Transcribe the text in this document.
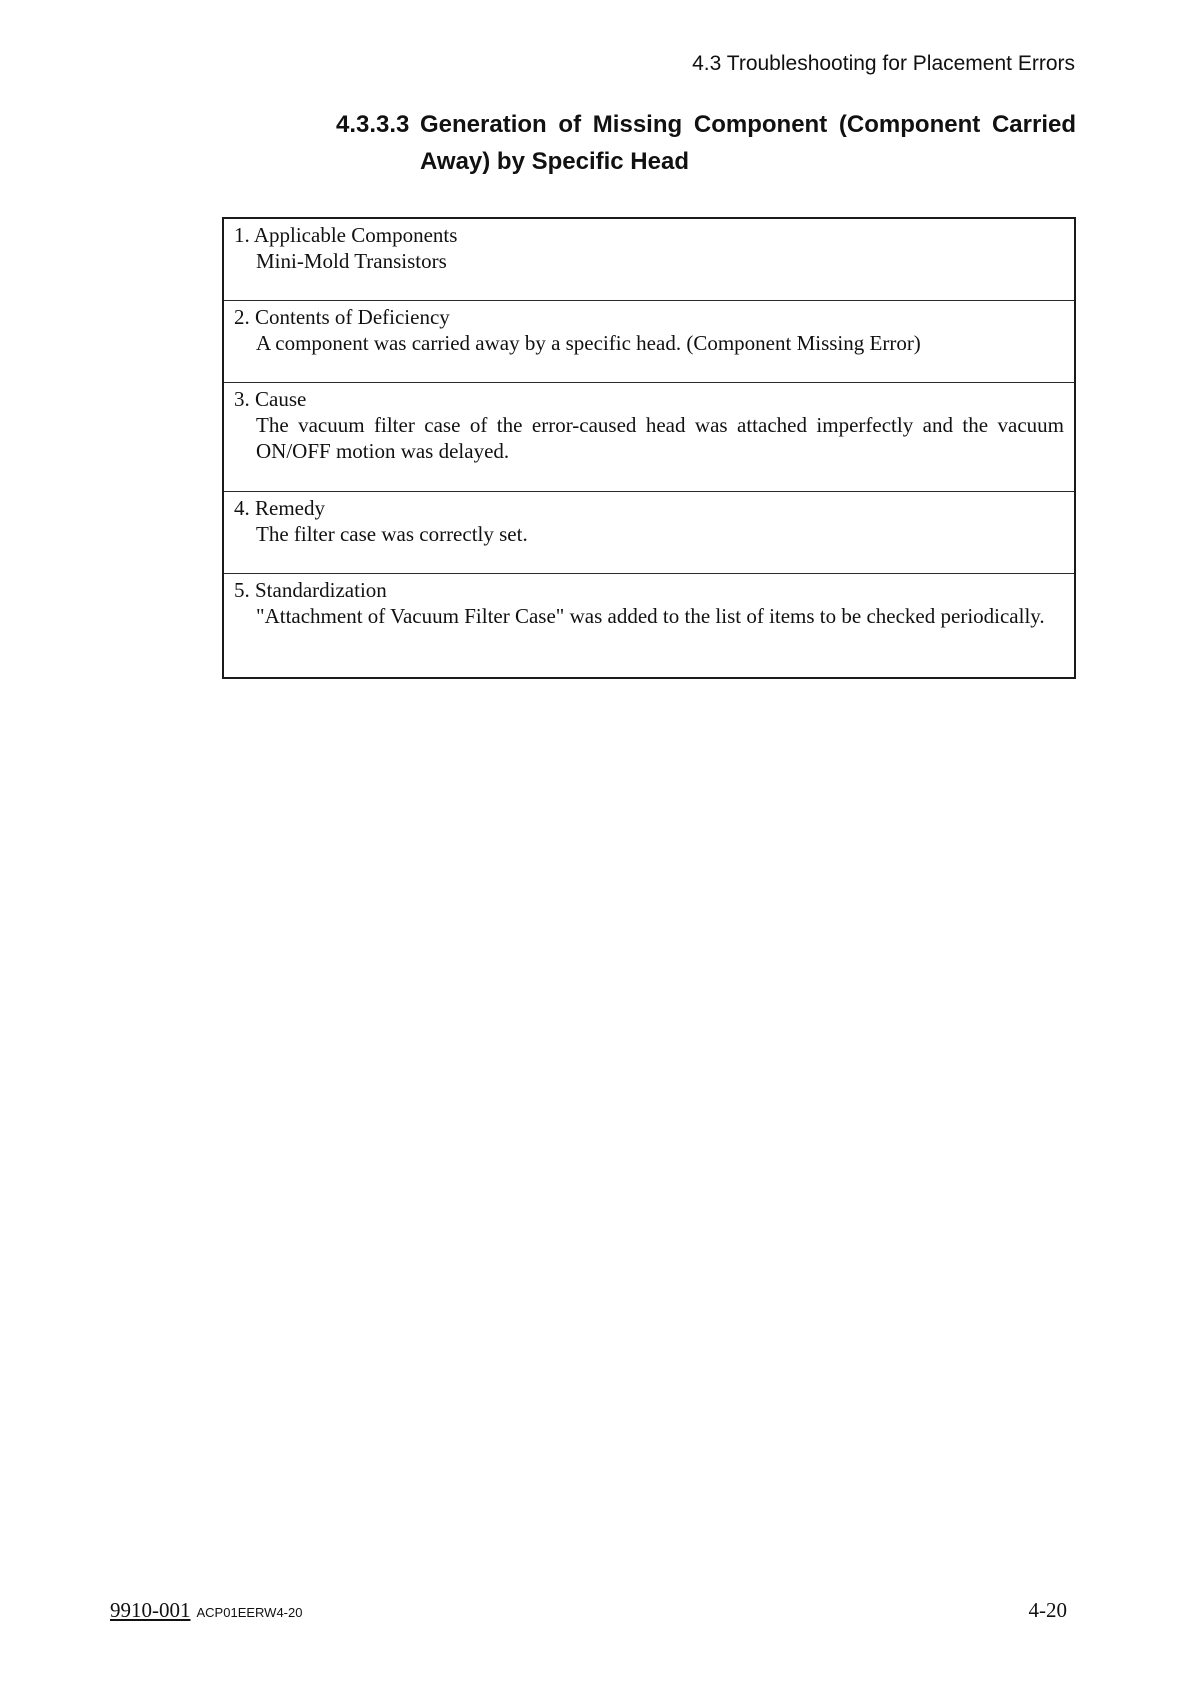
4.3 Troubleshooting for Placement Errors
4.3.3.3 Generation of Missing Component (Component Carried
Away) by Specific Head
1. Applicable Components
Mini-Mold Transistors
2. Contents of Deficiency
A component was carried away by a specific head. (Component Missing Error)
3. Cause
The vacuum filter case of the error-caused head was attached imperfectly and the vacuum ON/OFF motion was delayed.
4. Remedy
The filter case was correctly set.
5. Standardization
"Attachment of Vacuum Filter Case" was added to the list of items to be checked periodically.
9910-001 ACP01EERW4-20	4-20
